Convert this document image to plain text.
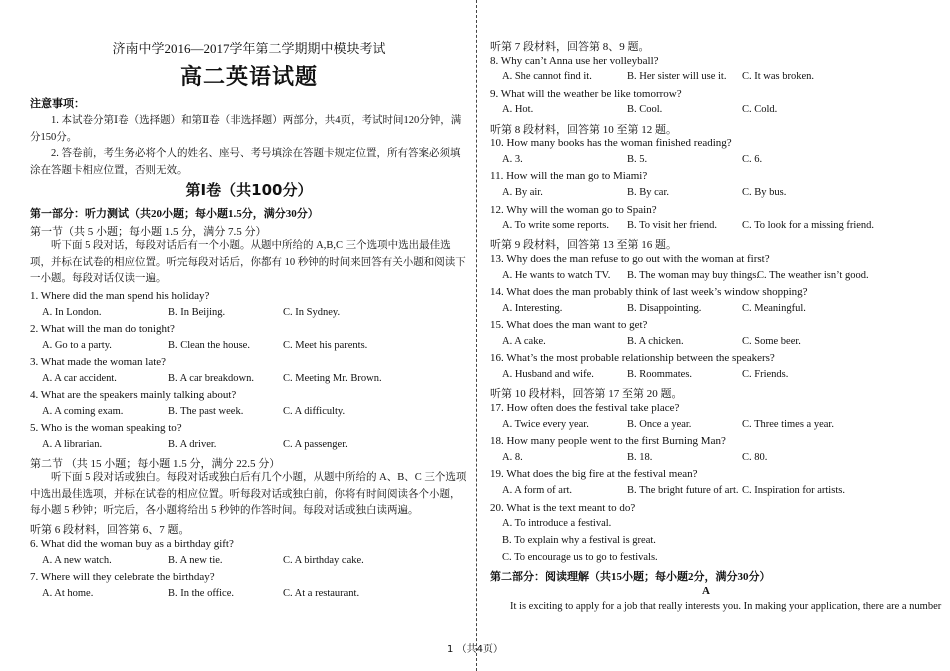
济南中学2016—2017学年第二学期期中模块考试
高二英语试题
注意事项：
1. 本试卷分第Ⅰ卷（选择题）和第Ⅱ卷（非选择题）两部分，共4页，考试时间120分钟，满分150分。
2. 答卷前，考生务必将个人的姓名、座号、考号填涂在答题卡规定位置，所有答案必须填涂在答题卡相应位置，否则无效。
第Ⅰ卷（共100分）
第一部分：听力测试（共20小题；每小题1.5分，满分30分）
第一节（共 5 小题；每小题 1.5 分，满分 7.5 分）
听下面 5 段对话，每段对话后有一个小题。从题中所给的 A,B,C 三个选项中选出最佳选项，并标在试卷的相应位置。听完每段对话后，你都有 10 秒钟的时间来回答有关小题和阅读下一小题。每段对话仅读一遍。
1. Where did the man spend his holiday?
A. In London.	B. In Beijing.	C. In Sydney.
2. What will the man do tonight?
A. Go to a party.	B. Clean the house.	C. Meet his parents.
3. What made the woman late?
A. A car accident.	B. A car breakdown.	C. Meeting Mr. Brown.
4. What are the speakers mainly talking about?
A. A coming exam.	B. The past week.	C. A difficulty.
5. Who is the woman speaking to?
A. A librarian.	B. A driver.	C. A passenger.
第二节 （共 15 小题；每小题 1.5 分，满分 22.5 分）
听下面 5 段对话或独白。每段对话或独白后有几个小题，从题中所给的 A、B、C 三个选项中选出最佳选项，并标在试卷的相应位置。听每段对话或独白前，你将有时间阅读各个小题，每小题 5 秒钟；听完后，各小题将给出 5 秒钟的作答时间。每段对话或独白读两遍。
听第 6 段材料，回答第 6、7 题。
6. What did the woman buy as a birthday gift?
A. A new watch.	B. A new tie.	C. A birthday cake.
7. Where will they celebrate the birthday?
A. At home.	B. In the office.	C. At a restaurant.
听第 7 段材料，回答第 8、9 题。
8. Why can’t Anna use her volleyball?
A. She cannot find it.	B. Her sister will use it. C. It was broken.
9. What will the weather be like tomorrow?
A. Hot.	B. Cool.	C. Cold.
听第 8 段材料，回答第 10 至第 12 题。
10. How many books has the woman finished reading?
A. 3.	B. 5.	C. 6.
11. How will the man go to Miami?
A. By air.	B. By car.	C. By bus.
12. Why will the woman go to Spain?
A. To write some reports. B. To visit her friend. C. To look for a missing friend.
听第 9 段材料，回答第 13 至第 16 题。
13. Why does the man refuse to go out with the woman at first?
A. He wants to watch TV. B. The woman may buy things.
C. The weather isn’t good.
14. What does the man probably think of last week’s window shopping?
A. Interesting.	B. Disappointing.	C. Meaningful.
15. What does the man want to get?
A. A cake.	B. A chicken.	C. Some beer.
16. What’s the most probable relationship between the speakers?
A. Husband and wife.	B. Roommates.	C. Friends.
听第 10 段材料，回答第 17 至第 20 题。
17. How often does the festival take place?
A. Twice every year.	B. Once a year.	C. Three times a year.
18. How many people went to the first Burning Man?
A. 8.	B. 18.	C. 80.
19. What does the big fire at the festival mean?
A. A form of art.	B. The bright future of art. C. Inspiration for artists.
20. What is the text meant to do?
A. To introduce a festival.
B. To explain why a festival is great.
C. To encourage us to go to festivals.
第二部分：阅读理解（共15小题；每小题2分，满分30分）
A
It is exciting to apply for a job that really interests you. In making your application, there are a number
1 （共4页）
